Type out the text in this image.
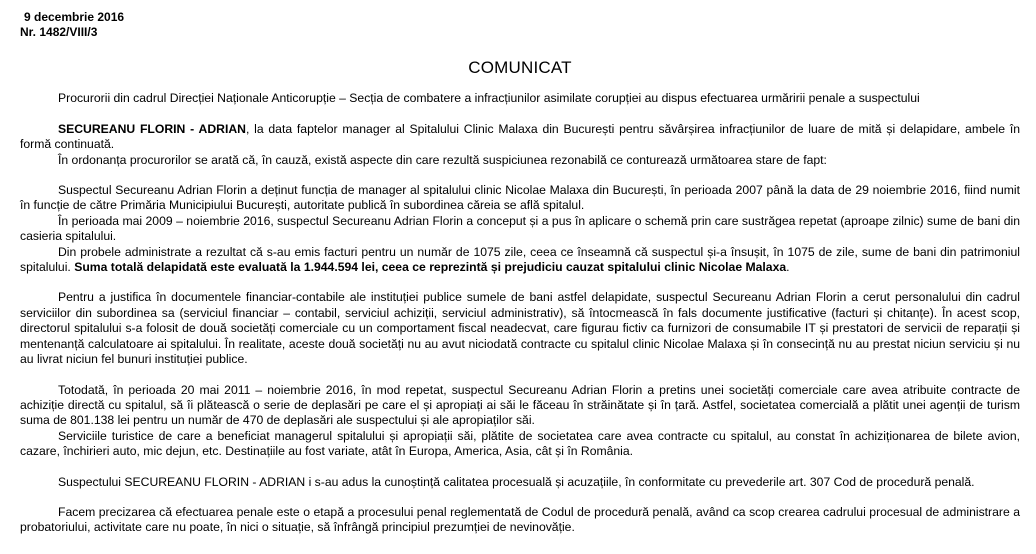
9 decembrie 2016
Nr. 1482/VIII/3
COMUNICAT

Procurorii din cadrul Direcției Naționale Anticorupție – Secția de combatere a infracțiunilor asimilate corupției au dispus efectuarea urmăririi penale a suspectului

SECUREANU FLORIN - ADRIAN, la data faptelor manager al Spitalului Clinic Malaxa din București pentru săvârșirea infracțiunilor de luare de mită și delapidare, ambele în formă continuată.

În ordonanța procurorilor se arată că, în cauză, există aspecte din care rezultă suspiciunea rezonabilă ce conturează următoarea stare de fapt:

Suspectul Secureanu Adrian Florin a deținut funcția de manager al spitalului clinic Nicolae Malaxa din București, în perioada 2007 până la data de 29 noiembrie 2016, fiind numit în funcție de către Primăria Municipiului București, autoritate publică în subordinea căreia se află spitalul.

În perioada mai 2009 – noiembrie 2016, suspectul Secureanu Adrian Florin a conceput și a pus în aplicare o schemă prin care sustrăgea repetat (aproape zilnic) sume de bani din casieria spitalului.

Din probele administrate a rezultat că s-au emis facturi pentru un număr de 1075 zile, ceea ce înseamnă că suspectul și-a însușit, în 1075 de zile, sume de bani din patrimoniul spitalului. Suma totală delapidată este evaluată la 1.944.594 lei, ceea ce reprezintă și prejudiciu cauzat spitalului clinic Nicolae Malaxa.

Pentru a justifica în documentele financiar-contabile ale instituției publice sumele de bani astfel delapidate, suspectul Secureanu Adrian Florin a cerut personalului din cadrul serviciilor din subordinea sa (serviciul financiar – contabil, serviciul achiziții, serviciul administrativ), să întocmească în fals documente justificative (facturi și chitanțe). În acest scop, directorul spitalului s-a folosit de două societăți comerciale cu un comportament fiscal neadecvat, care figurau fictiv ca furnizori de consumabile IT și prestatori de servicii de reparații și mentenanță calculatoare ai spitalului. În realitate, aceste două societăți nu au avut niciodată contracte cu spitalul clinic Nicolae Malaxa și în consecință nu au prestat niciun serviciu și nu au livrat niciun fel bunuri instituției publice.

Totodată, în perioada 20 mai 2011 – noiembrie 2016, în mod repetat, suspectul Secureanu Adrian Florin a pretins unei societăți comerciale care avea atribuite contracte de achiziție directă cu spitalul, să îi plătească o serie de deplasări pe care el și apropiați ai săi le făceau în străinătate și în țară. Astfel, societatea comercială a plătit unei agenții de turism suma de 801.138 lei pentru un număr de 470 de deplasări ale suspectului și ale apropiaților săi.

Serviciile turistice de care a beneficiat managerul spitalului și apropiații săi, plătite de societatea care avea contracte cu spitalul, au constat în achiziționarea de bilete avion, cazare, închirieri auto, mic dejun, etc. Destinațiile au fost variate, atât în Europa, America, Asia, cât și în România.

Suspectului SECUREANU FLORIN - ADRIAN i s-au adus la cunoștință calitatea procesuală și acuzațiile, în conformitate cu prevederile art. 307 Cod de procedură penală.

Facem precizarea că efectuarea penale este o etapă a procesului penal reglementată de Codul de procedură penală, având ca scop crearea cadrului procesual de administrare a probatoriului, activitate care nu poate, în nici o situație, să înfrângă principiul prezumției de nevinovăție.
